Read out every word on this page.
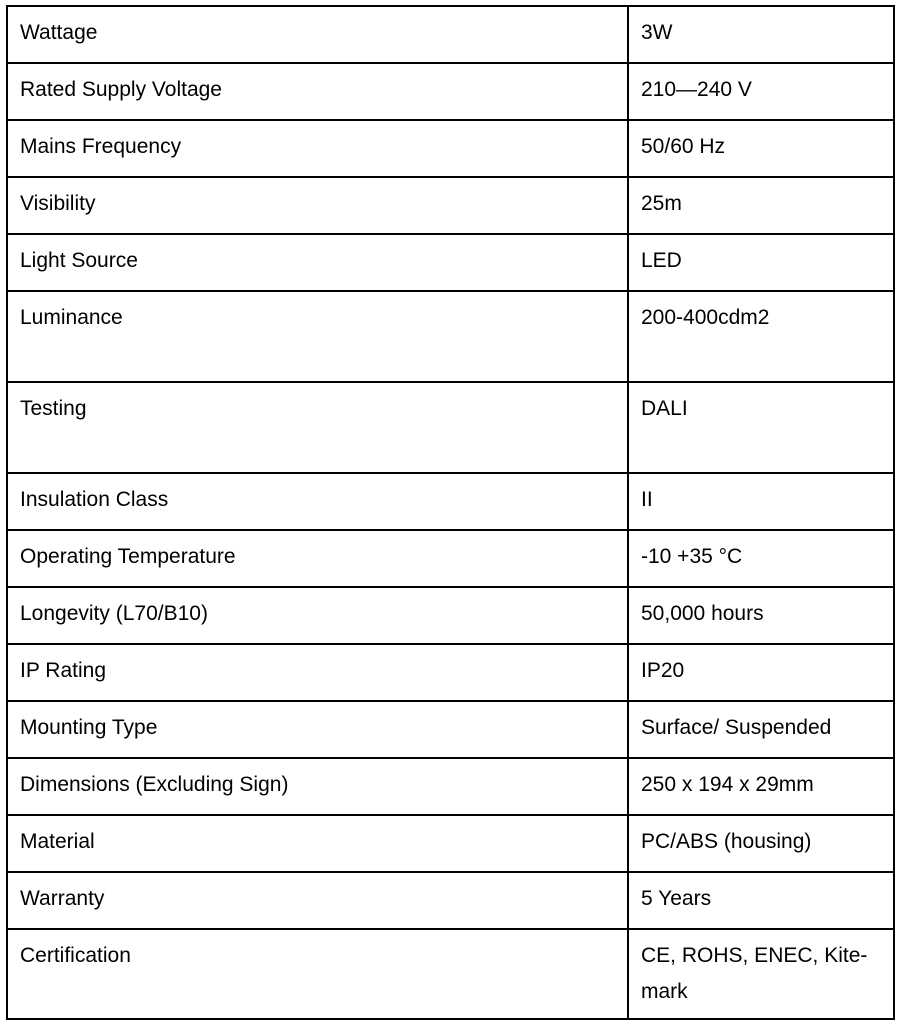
Wattage	3W

Rated Supply Voltage	210—240 V

Mains Frequency	50/60 Hz

Visibility	25m

Light Source	LED

Luminance	200-400cdm2

Testing	DALI

Insulation Class	II

Operating Temperature	-10 +35 °C

Longevity (L70/B10)	50,000 hours

IP Rating	IP20

Mounting Type	Surface/ Suspended

Dimensions (Excluding Sign)	250 x 194 x 29mm

Material	PC/ABS (housing)

Warranty	5 Years

Certification	CE, ROHS, ENEC, Kite-mark
